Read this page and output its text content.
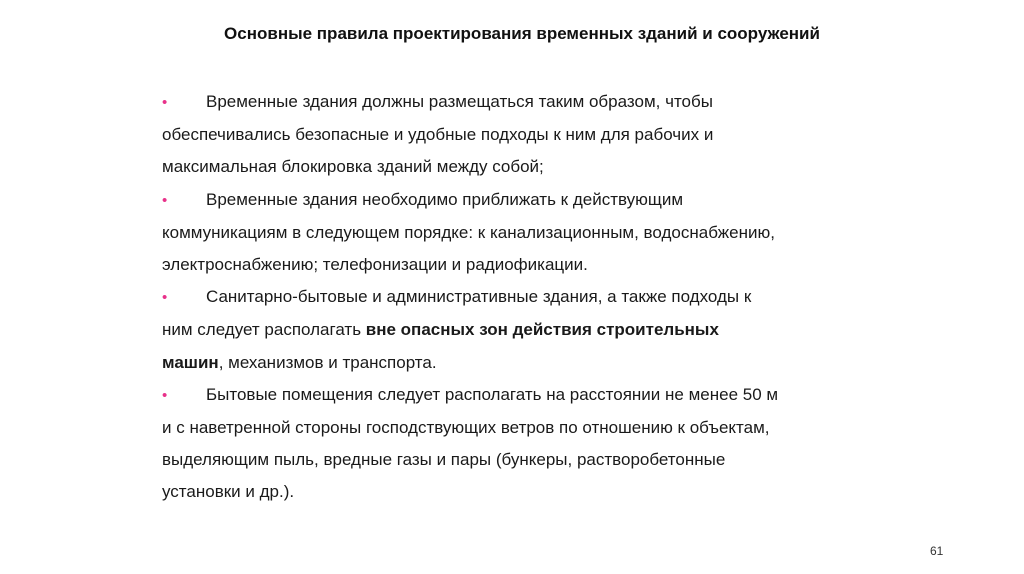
Основные правила проектирования временных зданий и сооружений
• Временные здания должны размещаться таким образом, чтобы
обеспечивались безопасные и удобные подходы к ним для рабочих и
максимальная блокировка зданий между собой;
• Временные здания необходимо приближать к действующим
коммуникациям в следующем порядке: к канализационным, водоснабжению,
электроснабжению; телефонизации и радиофикации.
• Санитарно-бытовые и административные здания, а также подходы к
ним следует располагать вне опасных зон действия строительных
машин, механизмов и транспорта.
• Бытовые помещения следует располагать на расстоянии не менее 50 м
и с наветренной стороны господствующих ветров по отношению к объектам,
выделяющим пыль, вредные газы и пары (бункеры, растворобетонные
установки и др.).
61
